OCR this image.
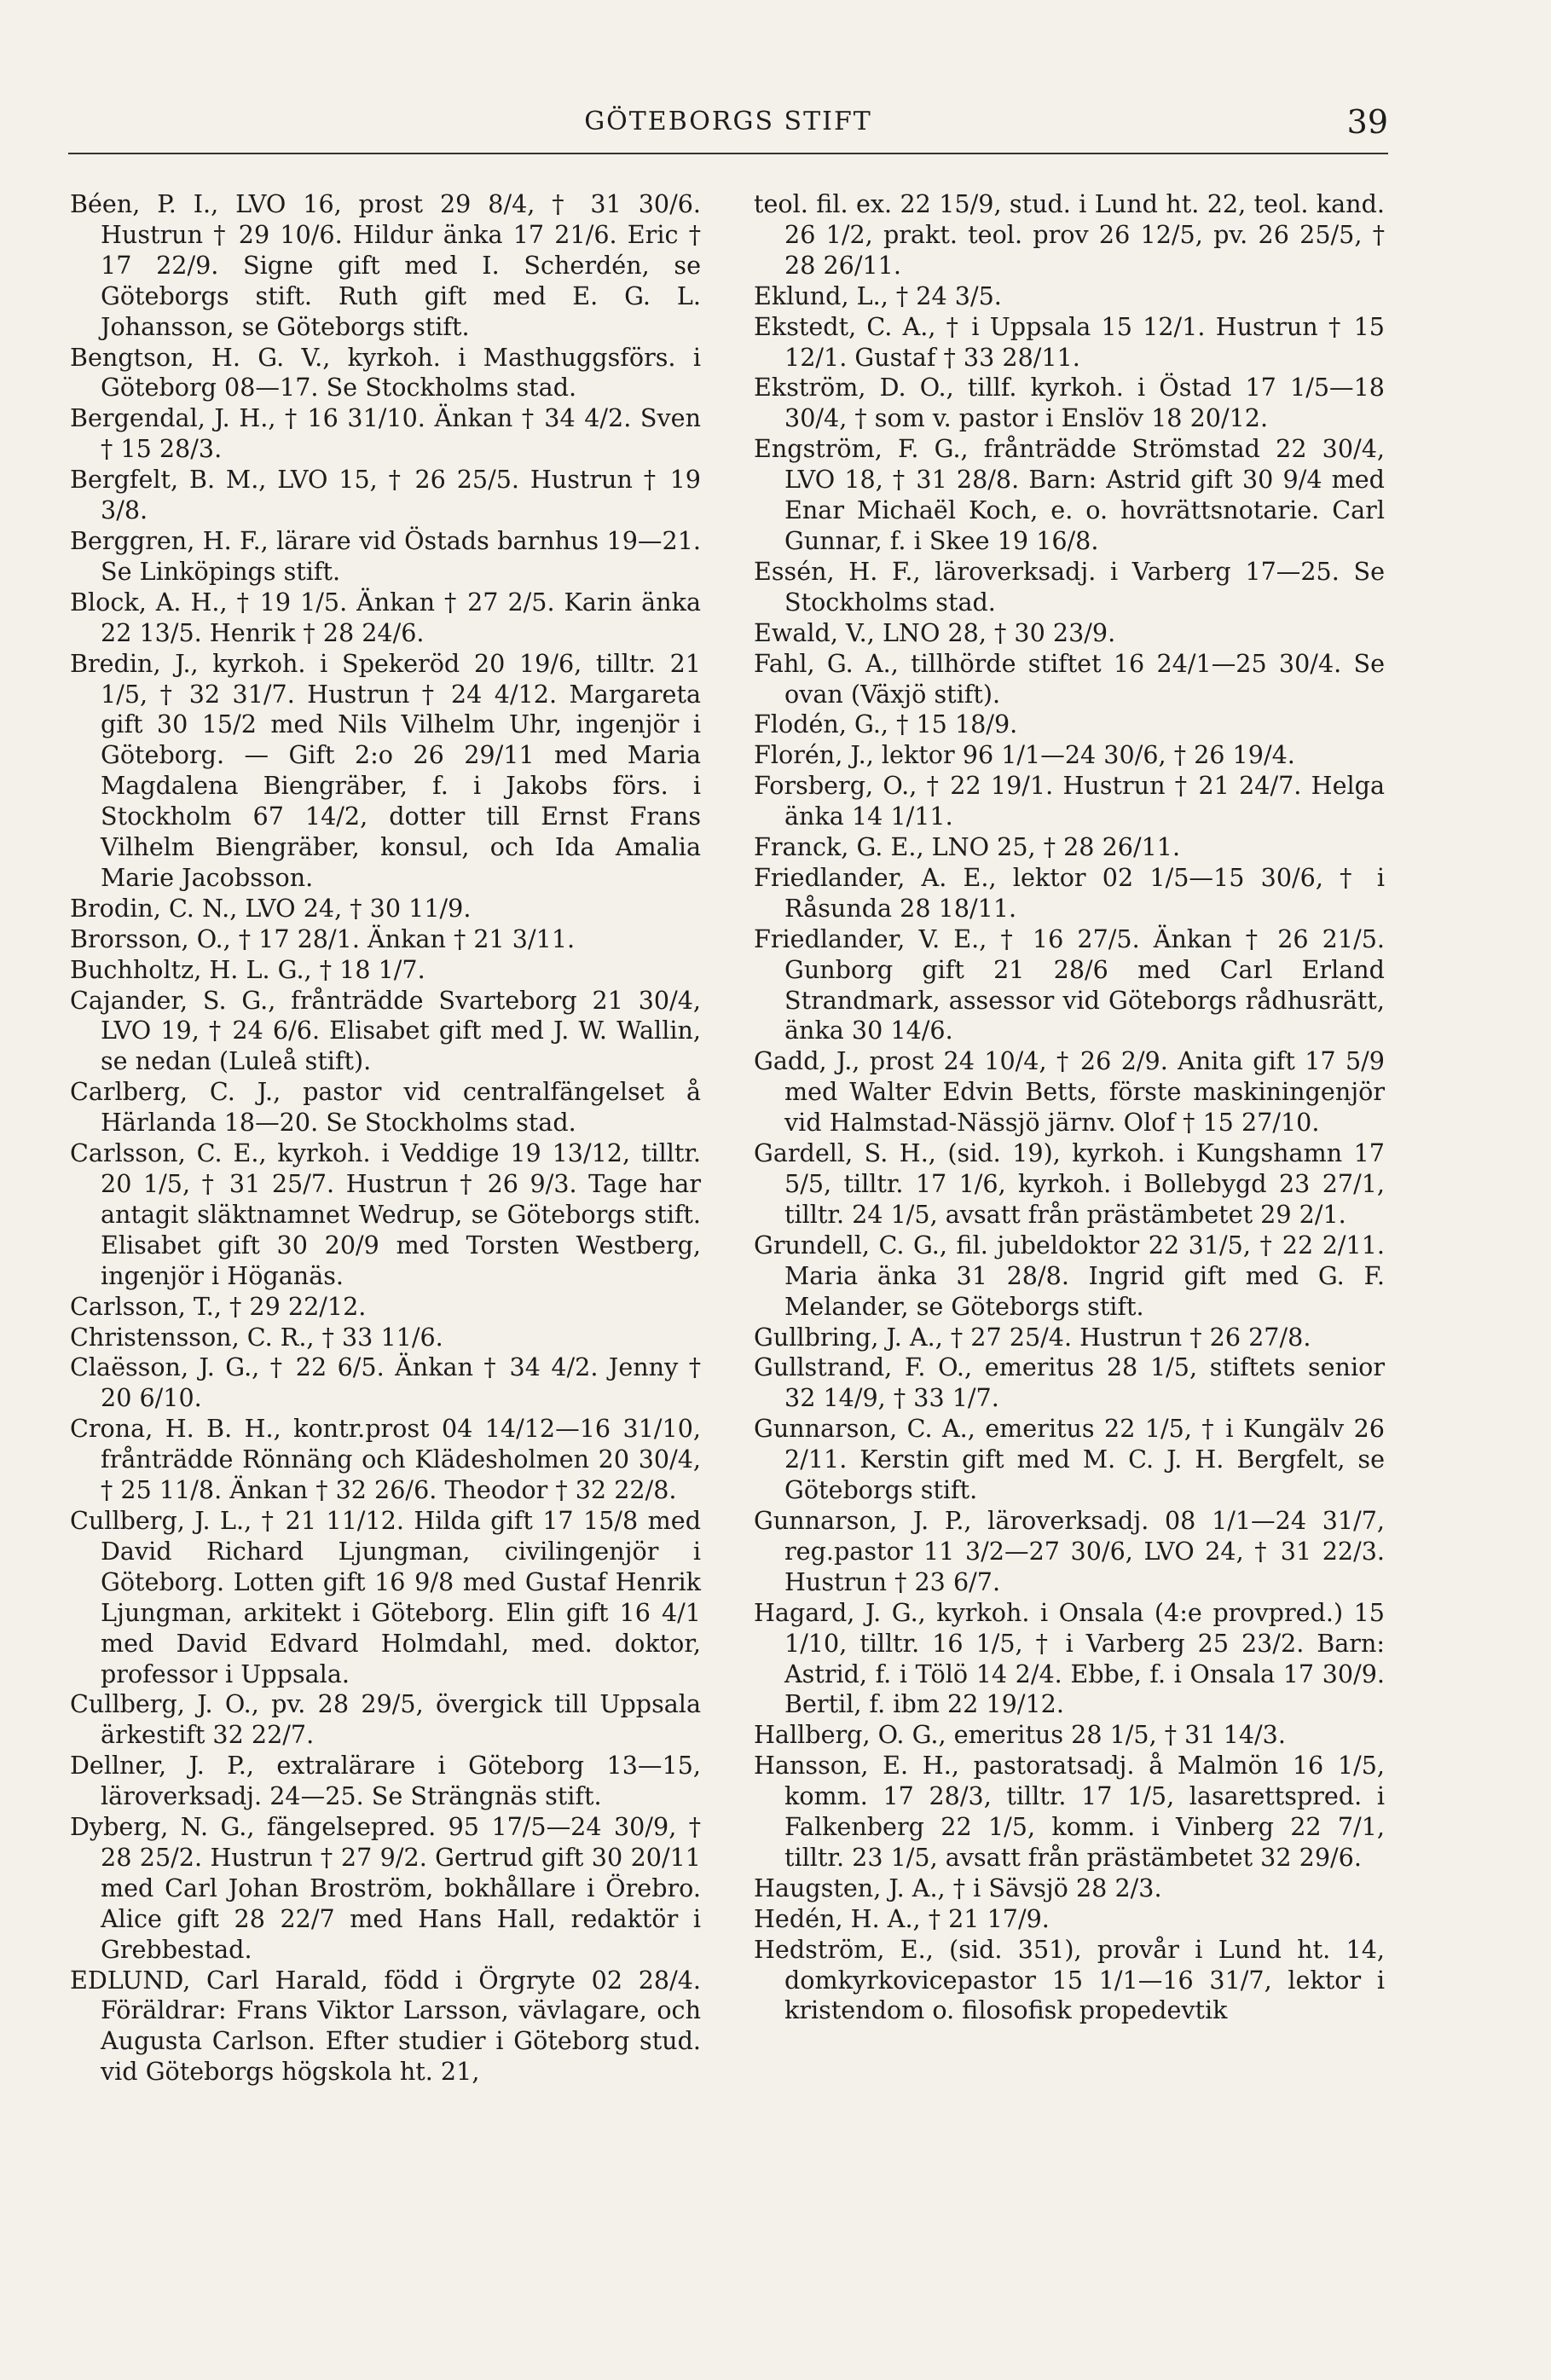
GÖTEBORGS STIFT	39

Béen, P. I., LVO 16, prost 29 8/4, † 31 30/6. Hustrun † 29 10/6. Hildur änka 17 21/6. Eric † 17 22/9. Signe gift med I. Scherdén, se Göteborgs stift. Ruth gift med E. G. L. Johansson, se Göteborgs stift.

Bengtson, H. G. V., kyrkoh. i Masthuggsförs. i Göteborg 08—17. Se Stockholms stad.

Bergendal, J. H., † 16 31/10. Änkan † 34 4/2. Sven † 15 28/3.

Bergfelt, B. M., LVO 15, † 26 25/5. Hustrun † 19 3/8.

Berggren, H. F., lärare vid Östads barnhus 19—21. Se Linköpings stift.

Block, A. H., † 19 1/5. Änkan † 27 2/5. Karin änka 22 13/5. Henrik † 28 24/6.

Bredin, J., kyrkoh. i Spekeröd 20 19/6, tilltr. 21 1/5, † 32 31/7. Hustrun † 24 4/12. Margareta gift 30 15/2 med Nils Vilhelm Uhr, ingenjör i Göteborg. — Gift 2:o 26 29/11 med Maria Magdalena Biengräber, f. i Jakobs förs. i Stockholm 67 14/2, dotter till Ernst Frans Vilhelm Biengräber, konsul, och Ida Amalia Marie Jacobsson.

Brodin, C. N., LVO 24, † 30 11/9.

Brorsson, O., † 17 28/1. Änkan † 21 3/11.

Buchholtz, H. L. G., † 18 1/7.

Cajander, S. G., frånträdde Svarteborg 21 30/4, LVO 19, † 24 6/6. Elisabet gift med J. W. Wallin, se nedan (Luleå stift).

Carlberg, C. J., pastor vid centralfängelset å Härlanda 18—20. Se Stockholms stad.

Carlsson, C. E., kyrkoh. i Veddige 19 13/12, tilltr. 20 1/5, † 31 25/7. Hustrun † 26 9/3. Tage har antagit släktnamnet Wedrup, se Göteborgs stift. Elisabet gift 30 20/9 med Torsten Westberg, ingenjör i Höganäs.

Carlsson, T., † 29 22/12.

Christensson, C. R., † 33 11/6.

Claësson, J. G., † 22 6/5. Änkan † 34 4/2. Jenny † 20 6/10.

Crona, H. B. H., kontr.prost 04 14/12—16 31/10, frånträdde Rönnäng och Klädesholmen 20 30/4, † 25 11/8. Änkan † 32 26/6. Theodor † 32 22/8.

Cullberg, J. L., † 21 11/12. Hilda gift 17 15/8 med David Richard Ljungman, civilingenjör i Göteborg. Lotten gift 16 9/8 med Gustaf Henrik Ljungman, arkitekt i Göteborg. Elin gift 16 4/1 med David Edvard Holmdahl, med. doktor, professor i Uppsala.

Cullberg, J. O., pv. 28 29/5, övergick till Uppsala ärkestift 32 22/7.

Dellner, J. P., extralärare i Göteborg 13—15, läroverksadj. 24—25. Se Strängnäs stift.

Dyberg, N. G., fängelsepred. 95 17/5—24 30/9, † 28 25/2. Hustrun † 27 9/2. Gertrud gift 30 20/11 med Carl Johan Broström, bokhållare i Örebro. Alice gift 28 22/7 med Hans Hall, redaktör i Grebbestad.

EDLUND, Carl Harald, född i Örgryte 02 28/4. Föräldrar: Frans Viktor Larsson, vävlagare, och Augusta Carlson. Efter studier i Göteborg stud. vid Göteborgs högskola ht. 21,

teol. fil. ex. 22 15/9, stud. i Lund ht. 22, teol. kand. 26 1/2, prakt. teol. prov 26 12/5, pv. 26 25/5, † 28 26/11.

Eklund, L., † 24 3/5.

Ekstedt, C. A., † i Uppsala 15 12/1. Hustrun † 15 12/1. Gustaf † 33 28/11.

Ekström, D. O., tillf. kyrkoh. i Östad 17 1/5—18 30/4, † som v. pastor i Enslöv 18 20/12.

Engström, F. G., frånträdde Strömstad 22 30/4, LVO 18, † 31 28/8. Barn: Astrid gift 30 9/4 med Enar Michaël Koch, e. o. hovrättsnotarie. Carl Gunnar, f. i Skee 19 16/8.

Essén, H. F., läroverksadj. i Varberg 17—25. Se Stockholms stad.

Ewald, V., LNO 28, † 30 23/9.

Fahl, G. A., tillhörde stiftet 16 24/1—25 30/4. Se ovan (Växjö stift).

Flodén, G., † 15 18/9.

Florén, J., lektor 96 1/1—24 30/6, † 26 19/4.

Forsberg, O., † 22 19/1. Hustrun † 21 24/7. Helga änka 14 1/11.

Franck, G. E., LNO 25, † 28 26/11.

Friedlander, A. E., lektor 02 1/5—15 30/6, † i Råsunda 28 18/11.

Friedlander, V. E., † 16 27/5. Änkan † 26 21/5. Gunborg gift 21 28/6 med Carl Erland Strandmark, assessor vid Göteborgs rådhusrätt, änka 30 14/6.

Gadd, J., prost 24 10/4, † 26 2/9. Anita gift 17 5/9 med Walter Edvin Betts, förste maskiningenjör vid Halmstad-Nässjö järnv. Olof † 15 27/10.

Gardell, S. H., (sid. 19), kyrkoh. i Kungshamn 17 5/5, tilltr. 17 1/6, kyrkoh. i Bollebygd 23 27/1, tilltr. 24 1/5, avsatt från prästämbetet 29 2/1.

Grundell, C. G., fil. jubeldoktor 22 31/5, † 22 2/11. Maria änka 31 28/8. Ingrid gift med G. F. Melander, se Göteborgs stift.

Gullbring, J. A., † 27 25/4. Hustrun † 26 27/8.

Gullstrand, F. O., emeritus 28 1/5, stiftets senior 32 14/9, † 33 1/7.

Gunnarson, C. A., emeritus 22 1/5, † i Kungälv 26 2/11. Kerstin gift med M. C. J. H. Bergfelt, se Göteborgs stift.

Gunnarson, J. P., läroverksadj. 08 1/1—24 31/7, reg.pastor 11 3/2—27 30/6, LVO 24, † 31 22/3. Hustrun † 23 6/7.

Hagard, J. G., kyrkoh. i Onsala (4:e provpred.) 15 1/10, tilltr. 16 1/5, † i Varberg 25 23/2. Barn: Astrid, f. i Tölö 14 2/4. Ebbe, f. i Onsala 17 30/9. Bertil, f. ibm 22 19/12.

Hallberg, O. G., emeritus 28 1/5, † 31 14/3.

Hansson, E. H., pastoratsadj. å Malmön 16 1/5, komm. 17 28/3, tilltr. 17 1/5, lasarettspred. i Falkenberg 22 1/5, komm. i Vinberg 22 7/1, tilltr. 23 1/5, avsatt från prästämbetet 32 29/6.

Haugsten, J. A., † i Sävsjö 28 2/3.

Hedén, H. A., † 21 17/9.

Hedström, E., (sid. 351), provår i Lund ht. 14, domkyrkovicepastor 15 1/1—16 31/7, lektor i kristendom o. filosofisk propedevtik
